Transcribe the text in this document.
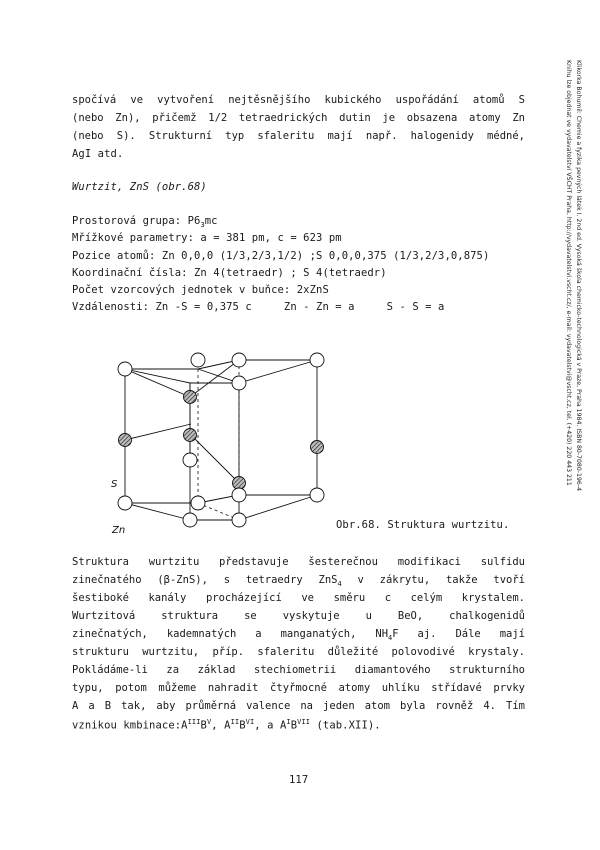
Klikorka Bohumil: Chemie a fyzika pevných látek I. 2nd ed. Vysoká škola chemicko-technologická v Praze, Praha 1984. ISBN 80-7080-196-4
Knihu lze objednat ve vydavatelství VŠCHT Praha, http://vydavatelstvi.vscht.cz/, e-mail: vydavatelstvi@vscht.cz, tel. (+420) 220 443 211
spočívá ve vytvoření nejtěsnějšího kubického uspořádání atomů S
(nebo Zn), přičemž 1/2 tetraedrických dutin je obsazena atomy Zn
(nebo S). Strukturní typ sfaleritu mají např. halogenidy médné,
AgI atd.
Wurtzit, ZnS (obr.68)
Prostorová grupa: $P6_3mc$
Mřížkové parametry: a = 381 pm, c = 623 pm
Pozice atomů: Zn 0,0,0 (1/3,2/3,1/2) ;S 0,0,0,375 (1/3,2/3,0,875)
Koordinační čísla: Zn 4(tetraedr) ; S 4(tetraedr)
Počet vzorcových jednotek v buňce: 2xZnS
Vzdálenosti: Zn -S = 0,375 c     Zn - Zn = a     S - S = a
S
Zn	Obr.68. Struktura wurtzitu.
Struktura wurtzitu představuje šesterečnou modifikaci sulfidu
zinečnatého (β-ZnS), s tetraedry ZnS$_4$ v zákrytu, takže tvoří
šestiboké kanály procházející ve směru c celým krystalem.
Wurtzitová struktura se vyskytuje u BeO, chalkogenidů
zinečnatých, kademnatých a manganatých, $NH_4F$ aj. Dále mají
strukturu wurtzitu, příp. sfaleritu důležité polovodivé krystaly.
Pokládáme-li za základ stechiometrii diamantového strukturního
typu, potom můžeme nahradit čtyřmocné atomy uhlíku střídavé prvky
A a B tak, aby průměrná valence na jeden atom byla rovněž 4. Tím
vznikou $kmbinace:A^{III}B^V$, $A^{II}B^{VI}$, a $A^IB^{VII}$ (tab.XII).
117
